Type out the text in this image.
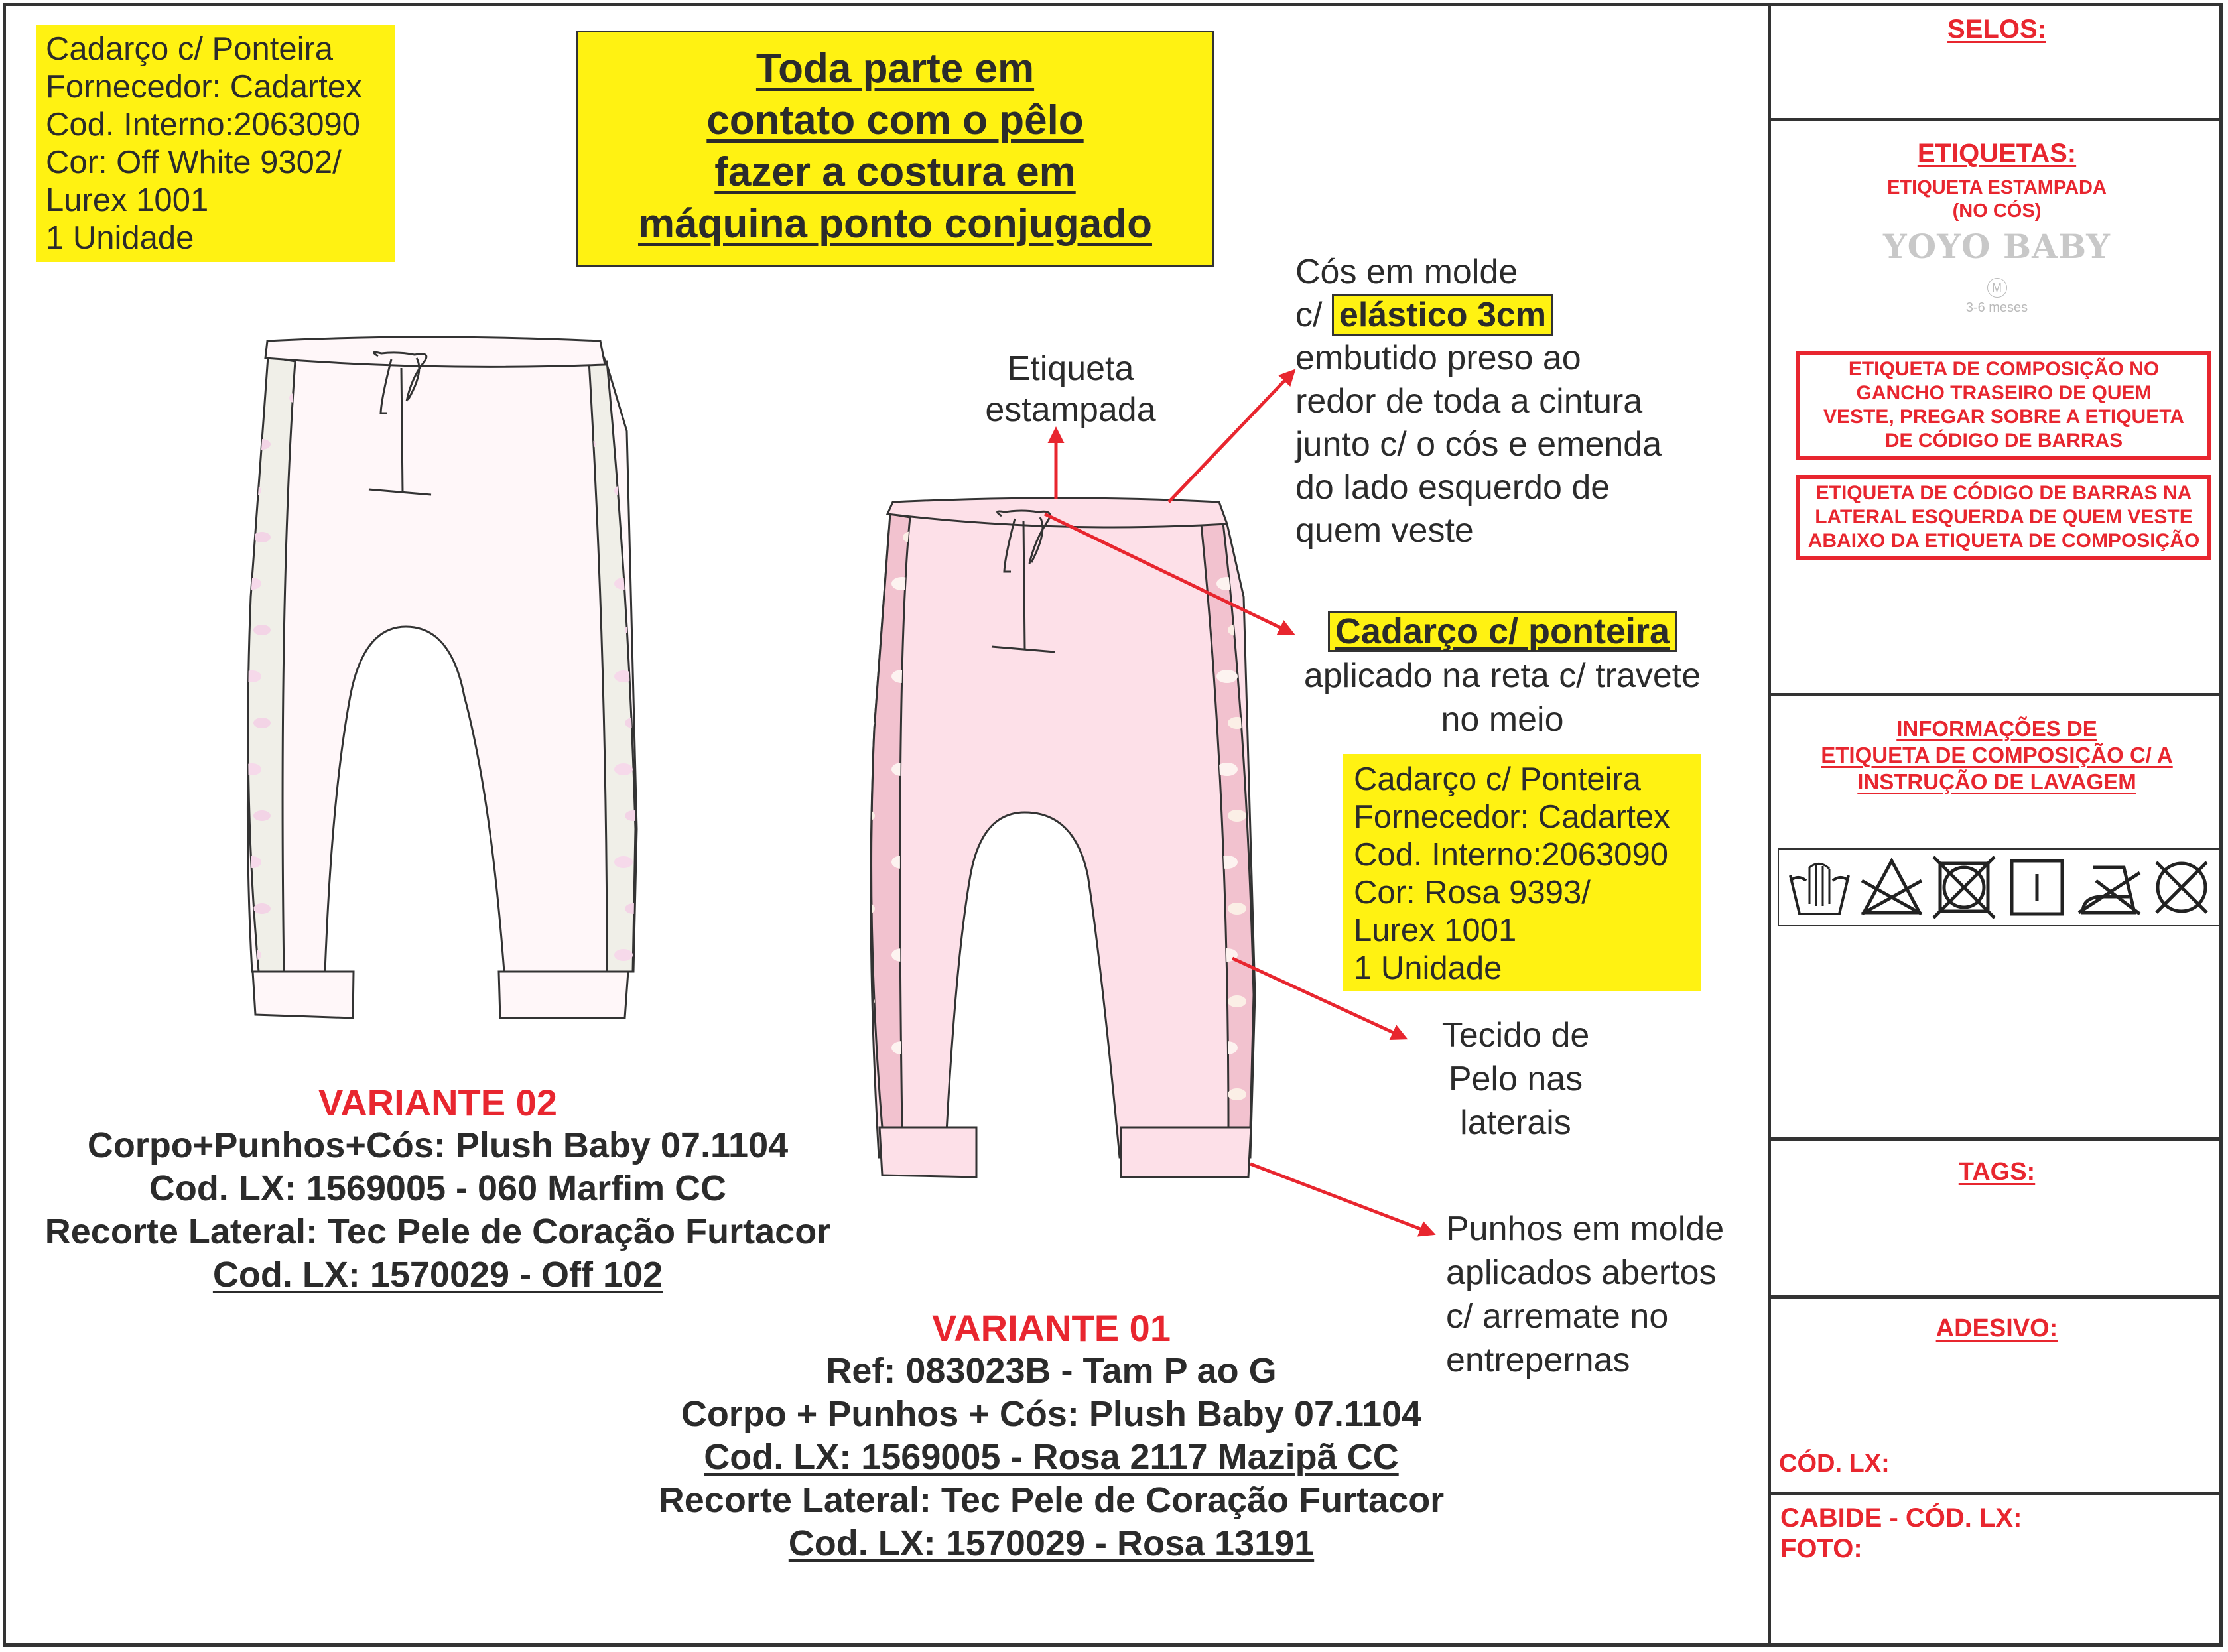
Cadarço c/ Ponteira
Fornecedor: Cadartex
Cod. Interno:2063090
Cor: Off White 9302/
Lurex 1001
1 Unidade
Toda parte em
contato com o pêlo
fazer a costura em
máquina ponto conjugado
Etiqueta
estampada
Cós em molde
c/ elástico 3cm
embutido preso ao
redor de toda a cintura
junto c/ o cós e emenda
do lado esquerdo de
quem veste
Cadarço c/ ponteira
aplicado na reta c/ travete
no meio
Cadarço c/ Ponteira
Fornecedor: Cadartex
Cod. Interno:2063090
Cor: Rosa 9393/
Lurex 1001
1 Unidade
Tecido de
Pelo nas
laterais
Punhos em molde
aplicados abertos
c/ arremate no
entrepernas
VARIANTE 02
Corpo+Punhos+Cós: Plush Baby 07.1104
Cod. LX: 1569005 - 060 Marfim CC
Recorte Lateral: Tec Pele de Coração Furtacor
Cod. LX: 1570029 - Off 102
VARIANTE 01
Ref: 083023B - Tam P ao G
Corpo + Punhos + Cós: Plush Baby 07.1104
Cod. LX: 1569005 - Rosa 2117 Mazipã CC
Recorte Lateral: Tec Pele de Coração Furtacor
Cod. LX: 1570029 - Rosa 13191
SELOS:
ETIQUETAS:
ETIQUETA ESTAMPADA
(NO CÓS)
YOYO BABY
M
3-6 meses
ETIQUETA DE COMPOSIÇÃO NO
GANCHO TRASEIRO DE QUEM
VESTE, PREGAR SOBRE A ETIQUETA
DE CÓDIGO DE BARRAS
ETIQUETA DE CÓDIGO DE BARRAS NA
LATERAL ESQUERDA DE QUEM VESTE
ABAIXO DA ETIQUETA DE COMPOSIÇÃO
INFORMAÇÕES DE
ETIQUETA DE COMPOSIÇÃO C/ A
INSTRUÇÃO DE LAVAGEM
TAGS:
ADESIVO:
CÓD. LX:
CABIDE - CÓD. LX:
FOTO:
